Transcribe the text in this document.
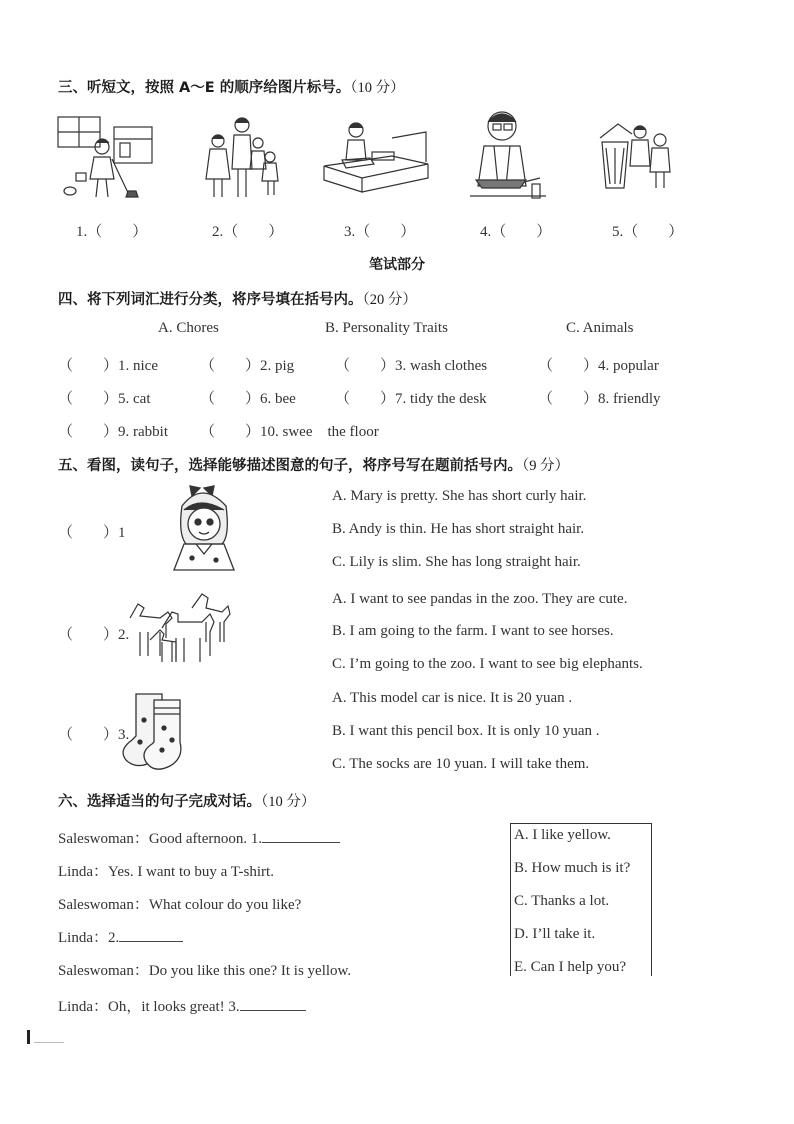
三、听短文，按照 A～E 的顺序给图片标号。（10 分）
1.（　　）	2.（　　）	3.（　　）	4.（　　）	5.（　　）
笔试部分
四、将下列词汇进行分类，将序号填在括号内。（20 分）
A. Chores	B. Personality Traits	C. Animals
（　　）1. nice	（　　）2. pig	（　　）3. wash clothes	（　　）4. popular
（　　）5. cat	（　　）6. bee	（　　）7. tidy the desk	（　　）8. friendly
（　　）9. rabbit （　　）10. swee　the floor
五、看图，读句子，选择能够描述图意的句子，将序号写在题前括号内。（9 分）
（　　）1
A. Mary is pretty. She has short curly hair.
B. Andy is thin. He has short straight hair.
C. Lily is slim. She has long straight hair.
（　　）2.
A. I want to see pandas in the zoo. They are cute.
B. I am going to the farm. I want to see horses.
C. I’m going to the zoo. I want to see big elephants.
（　　）3.
A. This model car is nice. It is 20 yuan .
B. I want this pencil box. It is only 10 yuan .
C. The socks are 10 yuan. I will take them.
六、选择适当的句子完成对话。（10 分）
Saleswoman：Good afternoon. 1.
Linda：Yes. I want to buy a T-shirt.
Saleswoman：What colour do you like?
Linda：2.
Saleswoman：Do you like this one? It is yellow.
Linda：Oh，it looks great! 3.
A. I like yellow.
B. How much is it?
C. Thanks a lot.
D. I’ll take it.
E. Can I help you?
